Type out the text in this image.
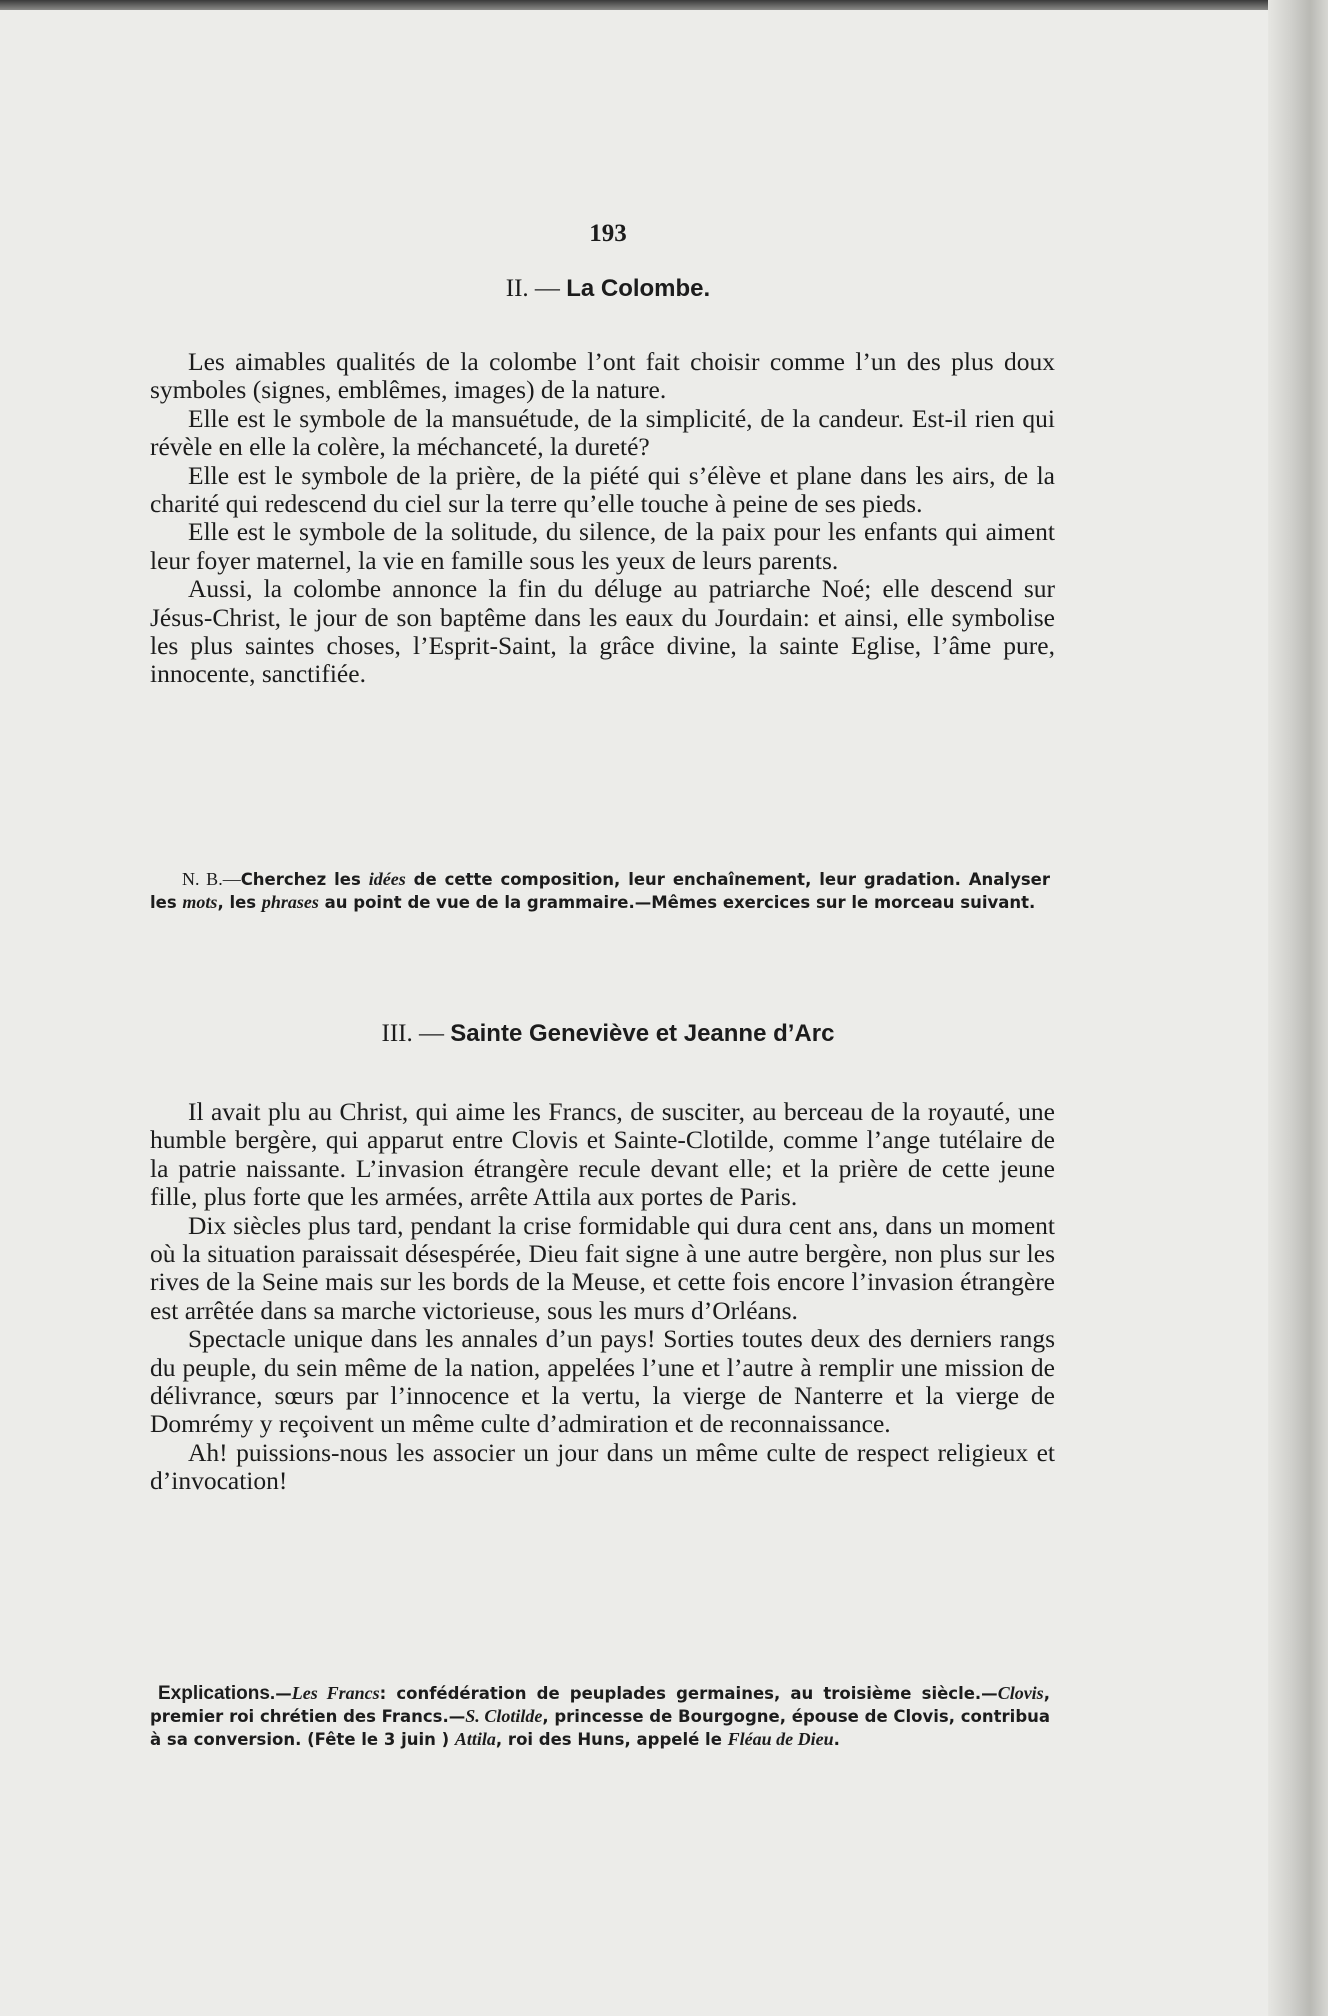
193
II. — La Colombe.

Les aimables qualités de la colombe l’ont fait choisir comme l’un des plus doux symboles (signes, emblêmes, images) de la nature.

Elle est le symbole de la mansuétude, de la simplicité, de la candeur. Est-il rien qui révèle en elle la colère, la méchanceté, la dureté?

Elle est le symbole de la prière, de la piété qui s’élève et plane dans les airs, de la charité qui redescend du ciel sur la terre qu’elle touche à peine de ses pieds.

Elle est le symbole de la solitude, du silence, de la paix pour les enfants qui aiment leur foyer maternel, la vie en famille sous les yeux de leurs parents.

Aussi, la colombe annonce la fin du déluge au patriarche Noé; elle descend sur Jésus-Christ, le jour de son baptême dans les eaux du Jourdain: et ainsi, elle symbolise les plus saintes choses, l’Esprit-Saint, la grâce divine, la sainte Eglise, l’âme pure, innocente, sanctifiée.

N. B.—Cherchez les idées de cette composition, leur enchaînement, leur gradation. Analyser les mots, les phrases au point de vue de la grammaire.—Mêmes exercices sur le morceau suivant.
III. — Sainte Geneviève et Jeanne d’Arc

Il avait plu au Christ, qui aime les Francs, de susciter, au berceau de la royauté, une humble bergère, qui apparut entre Clovis et Sainte-Clotilde, comme l’ange tutélaire de la patrie naissante. L’invasion étrangère recule devant elle; et la prière de cette jeune fille, plus forte que les armées, arrête Attila aux portes de Paris.

Dix siècles plus tard, pendant la crise formidable qui dura cent ans, dans un moment où la situation paraissait désespérée, Dieu fait signe à une autre bergère, non plus sur les rives de la Seine mais sur les bords de la Meuse, et cette fois encore l’invasion étrangère est arrêtée dans sa marche victorieuse, sous les murs d’Orléans.

Spectacle unique dans les annales d’un pays! Sorties toutes deux des derniers rangs du peuple, du sein même de la nation, appelées l’une et l’autre à remplir une mission de délivrance, sœurs par l’innocence et la vertu, la vierge de Nanterre et la vierge de Domrémy y reçoivent un même culte d’admiration et de reconnaissance.

Ah! puissions-nous les associer un jour dans un même culte de respect religieux et d’invocation!

Explications.—Les Francs: confédération de peuplades germaines, au troisième siècle.—Clovis, premier roi chrétien des Francs.—S. Clotilde, princesse de Bourgogne, épouse de Clovis, contribua à sa conversion. (Fête le 3 juin ) Attila, roi des Huns, appelé le Fléau de Dieu.
